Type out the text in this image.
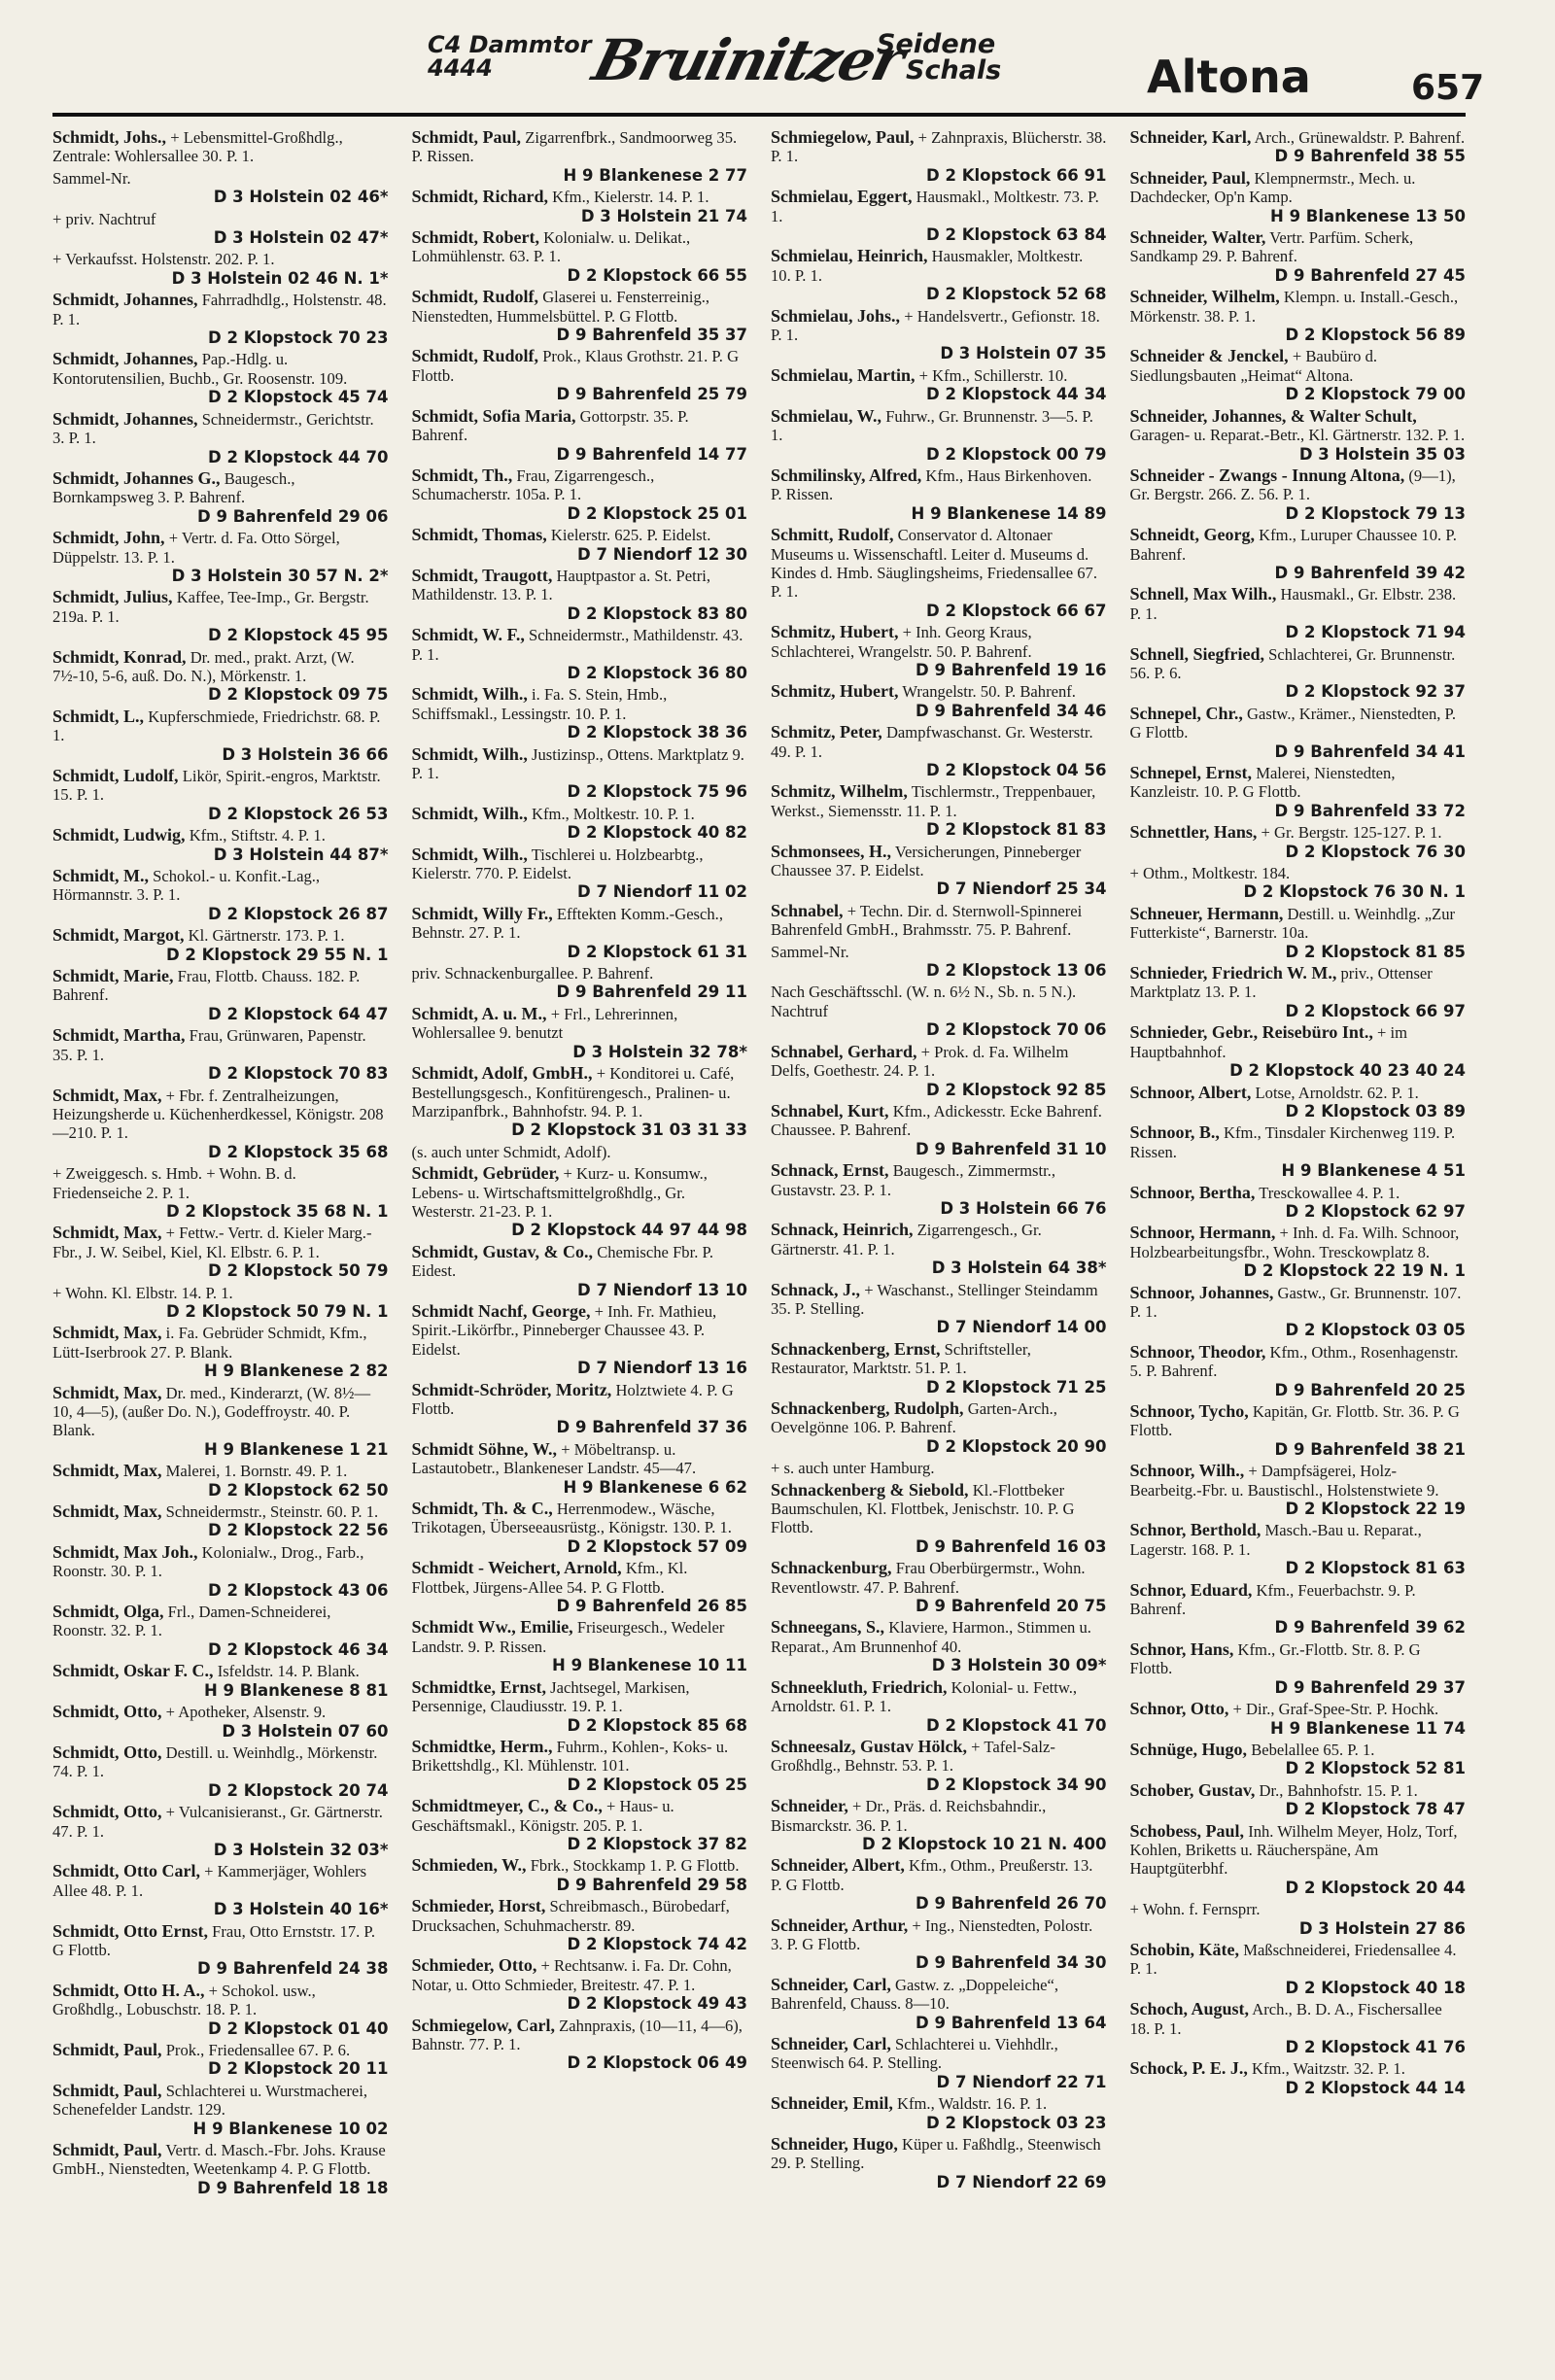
C4 Dammtor
4444	Bruinitzer
Seidene
Schals	Altona	657
Schmidt, Johs., + Lebensmittel-Großhdlg., Zentrale: Wohlersallee 30. P. 1.
Sammel-Nr.
D 3 Holstein 02 46*
+ priv. Nachtruf
D 3 Holstein 02 47*
+ Verkaufsst. Holstenstr. 202. P. 1.
D 3 Holstein 02 46 N. 1*
Schmidt, Johannes, Fahrradhdlg., Holstenstr. 48. P. 1.
D 2 Klopstock 70 23
Schmidt, Johannes, Pap.-Hdlg. u. Kontorutensilien, Buchb., Gr. Roosenstr. 109.
D 2 Klopstock 45 74
Schmidt, Johannes, Schneidermstr., Gerichtstr. 3. P. 1.
D 2 Klopstock 44 70
Schmidt, Johannes G., Baugesch., Bornkampsweg 3. P. Bahrenf.
D 9 Bahrenfeld 29 06
Schmidt, John, + Vertr. d. Fa. Otto Sörgel, Düppelstr. 13. P. 1.
D 3 Holstein 30 57 N. 2*
Schmidt, Julius, Kaffee, Tee-Imp., Gr. Bergstr. 219a. P. 1.
D 2 Klopstock 45 95
Schmidt, Konrad, Dr. med., prakt. Arzt, (W. 7½-10, 5-6, auß. Do. N.), Mörkenstr. 1.
D 2 Klopstock 09 75
Schmidt, L., Kupferschmiede, Friedrichstr. 68. P. 1.
D 3 Holstein 36 66
Schmidt, Ludolf, Likör, Spirit.-engros, Marktstr. 15. P. 1.
D 2 Klopstock 26 53
Schmidt, Ludwig, Kfm., Stiftstr. 4. P. 1.
D 3 Holstein 44 87*
Schmidt, M., Schokol.- u. Konfit.-Lag., Hörmannstr. 3. P. 1.
D 2 Klopstock 26 87
Schmidt, Margot, Kl. Gärtnerstr. 173. P. 1.
D 2 Klopstock 29 55 N. 1
Schmidt, Marie, Frau, Flottb. Chauss. 182. P. Bahrenf.
D 2 Klopstock 64 47
Schmidt, Martha, Frau, Grünwaren, Papenstr. 35. P. 1.
D 2 Klopstock 70 83
Schmidt, Max, + Fbr. f. Zentralheizungen, Heizungsherde u. Küchenherdkessel, Königstr. 208—210. P. 1.
D 2 Klopstock 35 68
+ Zweiggesch. s. Hmb. + Wohn. B. d. Friedenseiche 2. P. 1.
D 2 Klopstock 35 68 N. 1
Schmidt, Max, + Fettw.- Vertr. d. Kieler Marg.-Fbr., J. W. Seibel, Kiel, Kl. Elbstr. 6. P. 1.
D 2 Klopstock 50 79
+ Wohn. Kl. Elbstr. 14. P. 1.
D 2 Klopstock 50 79 N. 1
Schmidt, Max, i. Fa. Gebrüder Schmidt, Kfm., Lütt-Iserbrook 27. P. Blank.
H 9 Blankenese 2 82
Schmidt, Max, Dr. med., Kinderarzt, (W. 8½—10, 4—5), (außer Do. N.), Godeffroystr. 40. P. Blank.
H 9 Blankenese 1 21
Schmidt, Max, Malerei, 1. Bornstr. 49. P. 1.
D 2 Klopstock 62 50
Schmidt, Max, Schneidermstr., Steinstr. 60. P. 1.
D 2 Klopstock 22 56
Schmidt, Max Joh., Kolonialw., Drog., Farb., Roonstr. 30. P. 1.
D 2 Klopstock 43 06
Schmidt, Olga, Frl., Damen-Schneiderei, Roonstr. 32. P. 1.
D 2 Klopstock 46 34
Schmidt, Oskar F. C., Isfeldstr. 14. P. Blank.
H 9 Blankenese 8 81
Schmidt, Otto, + Apotheker, Alsenstr. 9.
D 3 Holstein 07 60
Schmidt, Otto, Destill. u. Weinhdlg., Mörkenstr. 74. P. 1.
D 2 Klopstock 20 74
Schmidt, Otto, + Vulcanisieranst., Gr. Gärtnerstr. 47. P. 1.
D 3 Holstein 32 03*
Schmidt, Otto Carl, + Kammerjäger, Wohlers Allee 48. P. 1.
D 3 Holstein 40 16*
Schmidt, Otto Ernst, Frau, Otto Ernststr. 17. P. G Flottb.
D 9 Bahrenfeld 24 38
Schmidt, Otto H. A., + Schokol. usw., Großhdlg., Lobuschstr. 18. P. 1.
D 2 Klopstock 01 40
Schmidt, Paul, Prok., Friedensallee 67. P. 6.
D 2 Klopstock 20 11
Schmidt, Paul, Schlachterei u. Wurstmacherei, Schenefelder Landstr. 129.
H 9 Blankenese 10 02
Schmidt, Paul, Vertr. d. Masch.-Fbr. Johs. Krause GmbH., Nienstedten, Weetenkamp 4. P. G Flottb.
D 9 Bahrenfeld 18 18
Schmidt, Paul, Zigarrenfbrk., Sandmoorweg 35. P. Rissen.
H 9 Blankenese 2 77
Schmidt, Richard, Kfm., Kielerstr. 14. P. 1.
D 3 Holstein 21 74
Schmidt, Robert, Kolonialw. u. Delikat., Lohmühlenstr. 63. P. 1.
D 2 Klopstock 66 55
Schmidt, Rudolf, Glaserei u. Fensterreinig., Nienstedten, Hummelsbüttel. P. G Flottb.
D 9 Bahrenfeld 35 37
Schmidt, Rudolf, Prok., Klaus Grothstr. 21. P. G Flottb.
D 9 Bahrenfeld 25 79
Schmidt, Sofia Maria, Gottorpstr. 35. P. Bahrenf.
D 9 Bahrenfeld 14 77
Schmidt, Th., Frau, Zigarrengesch., Schumacherstr. 105a. P. 1.
D 2 Klopstock 25 01
Schmidt, Thomas, Kielerstr. 625. P. Eidelst.
D 7 Niendorf 12 30
Schmidt, Traugott, Hauptpastor a. St. Petri, Mathildenstr. 13. P. 1.
D 2 Klopstock 83 80
Schmidt, W. F., Schneidermstr., Mathildenstr. 43. P. 1.
D 2 Klopstock 36 80
Schmidt, Wilh., i. Fa. S. Stein, Hmb., Schiffsmakl., Lessingstr. 10. P. 1.
D 2 Klopstock 38 36
Schmidt, Wilh., Justizinsp., Ottens. Marktplatz 9. P. 1.
D 2 Klopstock 75 96
Schmidt, Wilh., Kfm., Moltkestr. 10. P. 1.
D 2 Klopstock 40 82
Schmidt, Wilh., Tischlerei u. Holzbearbtg., Kielerstr. 770. P. Eidelst.
D 7 Niendorf 11 02
Schmidt, Willy Fr., Efftekten Komm.-Gesch., Behnstr. 27. P. 1.
D 2 Klopstock 61 31
priv. Schnackenburgallee. P. Bahrenf.
D 9 Bahrenfeld 29 11
Schmidt, A. u. M., + Frl., Lehrerinnen, Wohlersallee 9. benutzt
D 3 Holstein 32 78*
Schmidt, Adolf, GmbH., + Konditorei u. Café, Bestellungsgesch., Konfitürengesch., Pralinen- u. Marzipanfbrk., Bahnhofstr. 94. P. 1.
D 2 Klopstock 31 03 31 33
(s. auch unter Schmidt, Adolf).
Schmidt, Gebrüder, + Kurz- u. Konsumw., Lebens- u. Wirtschaftsmittelgroßhdlg., Gr. Westerstr. 21-23. P. 1.
D 2 Klopstock 44 97 44 98
Schmidt, Gustav, & Co., Chemische Fbr. P. Eidest.
D 7 Niendorf 13 10
Schmidt Nachf, George, + Inh. Fr. Mathieu, Spirit.-Likörfbr., Pinneberger Chaussee 43. P. Eidelst.
D 7 Niendorf 13 16
Schmidt-Schröder, Moritz, Holztwiete 4. P. G Flottb.
D 9 Bahrenfeld 37 36
Schmidt Söhne, W., + Möbeltransp. u. Lastautobetr., Blankeneser Landstr. 45—47.
H 9 Blankenese 6 62
Schmidt, Th. & C., Herrenmodew., Wäsche, Trikotagen, Überseeausrüstg., Königstr. 130. P. 1.
D 2 Klopstock 57 09
Schmidt - Weichert, Arnold, Kfm., Kl. Flottbek, Jürgens-Allee 54. P. G Flottb.
D 9 Bahrenfeld 26 85
Schmidt Ww., Emilie, Friseurgesch., Wedeler Landstr. 9. P. Rissen.
H 9 Blankenese 10 11
Schmidtke, Ernst, Jachtsegel, Markisen, Persennige, Claudiusstr. 19. P. 1.
D 2 Klopstock 85 68
Schmidtke, Herm., Fuhrm., Kohlen-, Koks- u. Brikettshdlg., Kl. Mühlenstr. 101.
D 2 Klopstock 05 25
Schmidtmeyer, C., & Co., + Haus- u. Geschäftsmakl., Königstr. 205. P. 1.
D 2 Klopstock 37 82
Schmieden, W., Fbrk., Stockkamp 1. P. G Flottb.
D 9 Bahrenfeld 29 58
Schmieder, Horst, Schreibmasch., Bürobedarf, Drucksachen, Schuhmacherstr. 89.
D 2 Klopstock 74 42
Schmieder, Otto, + Rechtsanw. i. Fa. Dr. Cohn, Notar, u. Otto Schmieder, Breitestr. 47. P. 1.
D 2 Klopstock 49 43
Schmiegelow, Carl, Zahnpraxis, (10—11, 4—6), Bahnstr. 77. P. 1.
D 2 Klopstock 06 49
Schmiegelow, Paul, + Zahnpraxis, Blücherstr. 38. P. 1.
D 2 Klopstock 66 91
Schmielau, Eggert, Hausmakl., Moltkestr. 73. P. 1.
D 2 Klopstock 63 84
Schmielau, Heinrich, Hausmakler, Moltkestr. 10. P. 1.
D 2 Klopstock 52 68
Schmielau, Johs., + Handelsvertr., Gefionstr. 18. P. 1.
D 3 Holstein 07 35
Schmielau, Martin, + Kfm., Schillerstr. 10.
D 2 Klopstock 44 34
Schmielau, W., Fuhrw., Gr. Brunnenstr. 3—5. P. 1.
D 2 Klopstock 00 79
Schmilinsky, Alfred, Kfm., Haus Birkenhoven. P. Rissen.
H 9 Blankenese 14 89
Schmitt, Rudolf, Conservator d. Altonaer Museums u. Wissenschaftl. Leiter d. Museums d. Kindes d. Hmb. Säuglingsheims, Friedensallee 67. P. 1.
D 2 Klopstock 66 67
Schmitz, Hubert, + Inh. Georg Kraus, Schlachterei, Wrangelstr. 50. P. Bahrenf.
D 9 Bahrenfeld 19 16
Schmitz, Hubert, Wrangelstr. 50. P. Bahrenf.
D 9 Bahrenfeld 34 46
Schmitz, Peter, Dampfwaschanst. Gr. Westerstr. 49. P. 1.
D 2 Klopstock 04 56
Schmitz, Wilhelm, Tischlermstr., Treppenbauer, Werkst., Siemensstr. 11. P. 1.
D 2 Klopstock 81 83
Schmonsees, H., Versicherungen, Pinneberger Chaussee 37. P. Eidelst.
D 7 Niendorf 25 34
Schnabel, + Techn. Dir. d. Sternwoll-Spinnerei Bahrenfeld GmbH., Brahmsstr. 75. P. Bahrenf.
Sammel-Nr.
D 2 Klopstock 13 06
Nach Geschäftsschl. (W. n. 6½ N., Sb. n. 5 N.). Nachtruf
D 2 Klopstock 70 06
Schnabel, Gerhard, + Prok. d. Fa. Wilhelm Delfs, Goethestr. 24. P. 1.
D 2 Klopstock 92 85
Schnabel, Kurt, Kfm., Adickesstr. Ecke Bahrenf. Chaussee. P. Bahrenf.
D 9 Bahrenfeld 31 10
Schnack, Ernst, Baugesch., Zimmermstr., Gustavstr. 23. P. 1.
D 3 Holstein 66 76
Schnack, Heinrich, Zigarrengesch., Gr. Gärtnerstr. 41. P. 1.
D 3 Holstein 64 38*
Schnack, J., + Waschanst., Stellinger Steindamm 35. P. Stelling.
D 7 Niendorf 14 00
Schnackenberg, Ernst, Schriftsteller, Restaurator, Marktstr. 51. P. 1.
D 2 Klopstock 71 25
Schnackenberg, Rudolph, Garten-Arch., Oevelgönne 106. P. Bahrenf.
D 2 Klopstock 20 90
+ s. auch unter Hamburg.
Schnackenberg & Siebold, Kl.-Flottbeker Baumschulen, Kl. Flottbek, Jenischstr. 10. P. G Flottb.
D 9 Bahrenfeld 16 03
Schnackenburg, Frau Oberbürgermstr., Wohn. Reventlowstr. 47. P. Bahrenf.
D 9 Bahrenfeld 20 75
Schneegans, S., Klaviere, Harmon., Stimmen u. Reparat., Am Brunnenhof 40.
D 3 Holstein 30 09*
Schneekluth, Friedrich, Kolonial- u. Fettw., Arnoldstr. 61. P. 1.
D 2 Klopstock 41 70
Schneesalz, Gustav Hölck, + Tafel-Salz-Großhdlg., Behnstr. 53. P. 1.
D 2 Klopstock 34 90
Schneider, + Dr., Präs. d. Reichsbahndir., Bismarckstr. 36. P. 1.
D 2 Klopstock 10 21 N. 400
Schneider, Albert, Kfm., Othm., Preußerstr. 13. P. G Flottb.
D 9 Bahrenfeld 26 70
Schneider, Arthur, + Ing., Nienstedten, Polostr. 3. P. G Flottb.
D 9 Bahrenfeld 34 30
Schneider, Carl, Gastw. z. „Doppeleiche“, Bahrenfeld, Chauss. 8—10.
D 9 Bahrenfeld 13 64
Schneider, Carl, Schlachterei u. Viehhdlr., Steenwisch 64. P. Stelling.
D 7 Niendorf 22 71
Schneider, Emil, Kfm., Waldstr. 16. P. 1.
D 2 Klopstock 03 23
Schneider, Hugo, Küper u. Faßhdlg., Steenwisch 29. P. Stelling.
D 7 Niendorf 22 69
Schneider, Karl, Arch., Grünewaldstr. P. Bahrenf.
D 9 Bahrenfeld 38 55
Schneider, Paul, Klempnermstr., Mech. u. Dachdecker, Op'n Kamp.
H 9 Blankenese 13 50
Schneider, Walter, Vertr. Parfüm. Scherk, Sandkamp 29. P. Bahrenf.
D 9 Bahrenfeld 27 45
Schneider, Wilhelm, Klempn. u. Install.-Gesch., Mörkenstr. 38. P. 1.
D 2 Klopstock 56 89
Schneider & Jenckel, + Baubüro d. Siedlungsbauten „Heimat“ Altona.
D 2 Klopstock 79 00
Schneider, Johannes, & Walter Schult, Garagen- u. Reparat.-Betr., Kl. Gärtnerstr. 132. P. 1.
D 3 Holstein 35 03
Schneider - Zwangs - Innung Altona, (9—1), Gr. Bergstr. 266. Z. 56. P. 1.
D 2 Klopstock 79 13
Schneidt, Georg, Kfm., Luruper Chaussee 10. P. Bahrenf.
D 9 Bahrenfeld 39 42
Schnell, Max Wilh., Hausmakl., Gr. Elbstr. 238. P. 1.
D 2 Klopstock 71 94
Schnell, Siegfried, Schlachterei, Gr. Brunnenstr. 56. P. 6.
D 2 Klopstock 92 37
Schnepel, Chr., Gastw., Krämer., Nienstedten, P. G Flottb.
D 9 Bahrenfeld 34 41
Schnepel, Ernst, Malerei, Nienstedten, Kanzleistr. 10. P. G Flottb.
D 9 Bahrenfeld 33 72
Schnettler, Hans, + Gr. Bergstr. 125-127. P. 1.
D 2 Klopstock 76 30
+ Othm., Moltkestr. 184.
D 2 Klopstock 76 30 N. 1
Schneuer, Hermann, Destill. u. Weinhdlg. „Zur Futterkiste“, Barnerstr. 10a.
D 2 Klopstock 81 85
Schnieder, Friedrich W. M., priv., Ottenser Marktplatz 13. P. 1.
D 2 Klopstock 66 97
Schnieder, Gebr., Reisebüro Int., + im Hauptbahnhof.
D 2 Klopstock 40 23 40 24
Schnoor, Albert, Lotse, Arnoldstr. 62. P. 1.
D 2 Klopstock 03 89
Schnoor, B., Kfm., Tinsdaler Kirchenweg 119. P. Rissen.
H 9 Blankenese 4 51
Schnoor, Bertha, Tresckowallee 4. P. 1.
D 2 Klopstock 62 97
Schnoor, Hermann, + Inh. d. Fa. Wilh. Schnoor, Holzbearbeitungsfbr., Wohn. Tresckowplatz 8.
D 2 Klopstock 22 19 N. 1
Schnoor, Johannes, Gastw., Gr. Brunnenstr. 107. P. 1.
D 2 Klopstock 03 05
Schnoor, Theodor, Kfm., Othm., Rosenhagenstr. 5. P. Bahrenf.
D 9 Bahrenfeld 20 25
Schnoor, Tycho, Kapitän, Gr. Flottb. Str. 36. P. G Flottb.
D 9 Bahrenfeld 38 21
Schnoor, Wilh., + Dampfsägerei, Holz-Bearbeitg.-Fbr. u. Baustischl., Holstenstwiete 9.
D 2 Klopstock 22 19
Schnor, Berthold, Masch.-Bau u. Reparat., Lagerstr. 168. P. 1.
D 2 Klopstock 81 63
Schnor, Eduard, Kfm., Feuerbachstr. 9. P. Bahrenf.
D 9 Bahrenfeld 39 62
Schnor, Hans, Kfm., Gr.-Flottb. Str. 8. P. G Flottb.
D 9 Bahrenfeld 29 37
Schnor, Otto, + Dir., Graf-Spee-Str. P. Hochk.
H 9 Blankenese 11 74
Schnüge, Hugo, Bebelallee 65. P. 1.
D 2 Klopstock 52 81
Schober, Gustav, Dr., Bahnhofstr. 15. P. 1.
D 2 Klopstock 78 47
Schobess, Paul, Inh. Wilhelm Meyer, Holz, Torf, Kohlen, Briketts u. Räucherspäne, Am Hauptgüterbhf.
D 2 Klopstock 20 44
+ Wohn. f. Fernsprr.
D 3 Holstein 27 86
Schobin, Käte, Maßschneiderei, Friedensallee 4. P. 1.
D 2 Klopstock 40 18
Schoch, August, Arch., B. D. A., Fischersallee 18. P. 1.
D 2 Klopstock 41 76
Schock, P. E. J., Kfm., Waitzstr. 32. P. 1.
D 2 Klopstock 44 14
